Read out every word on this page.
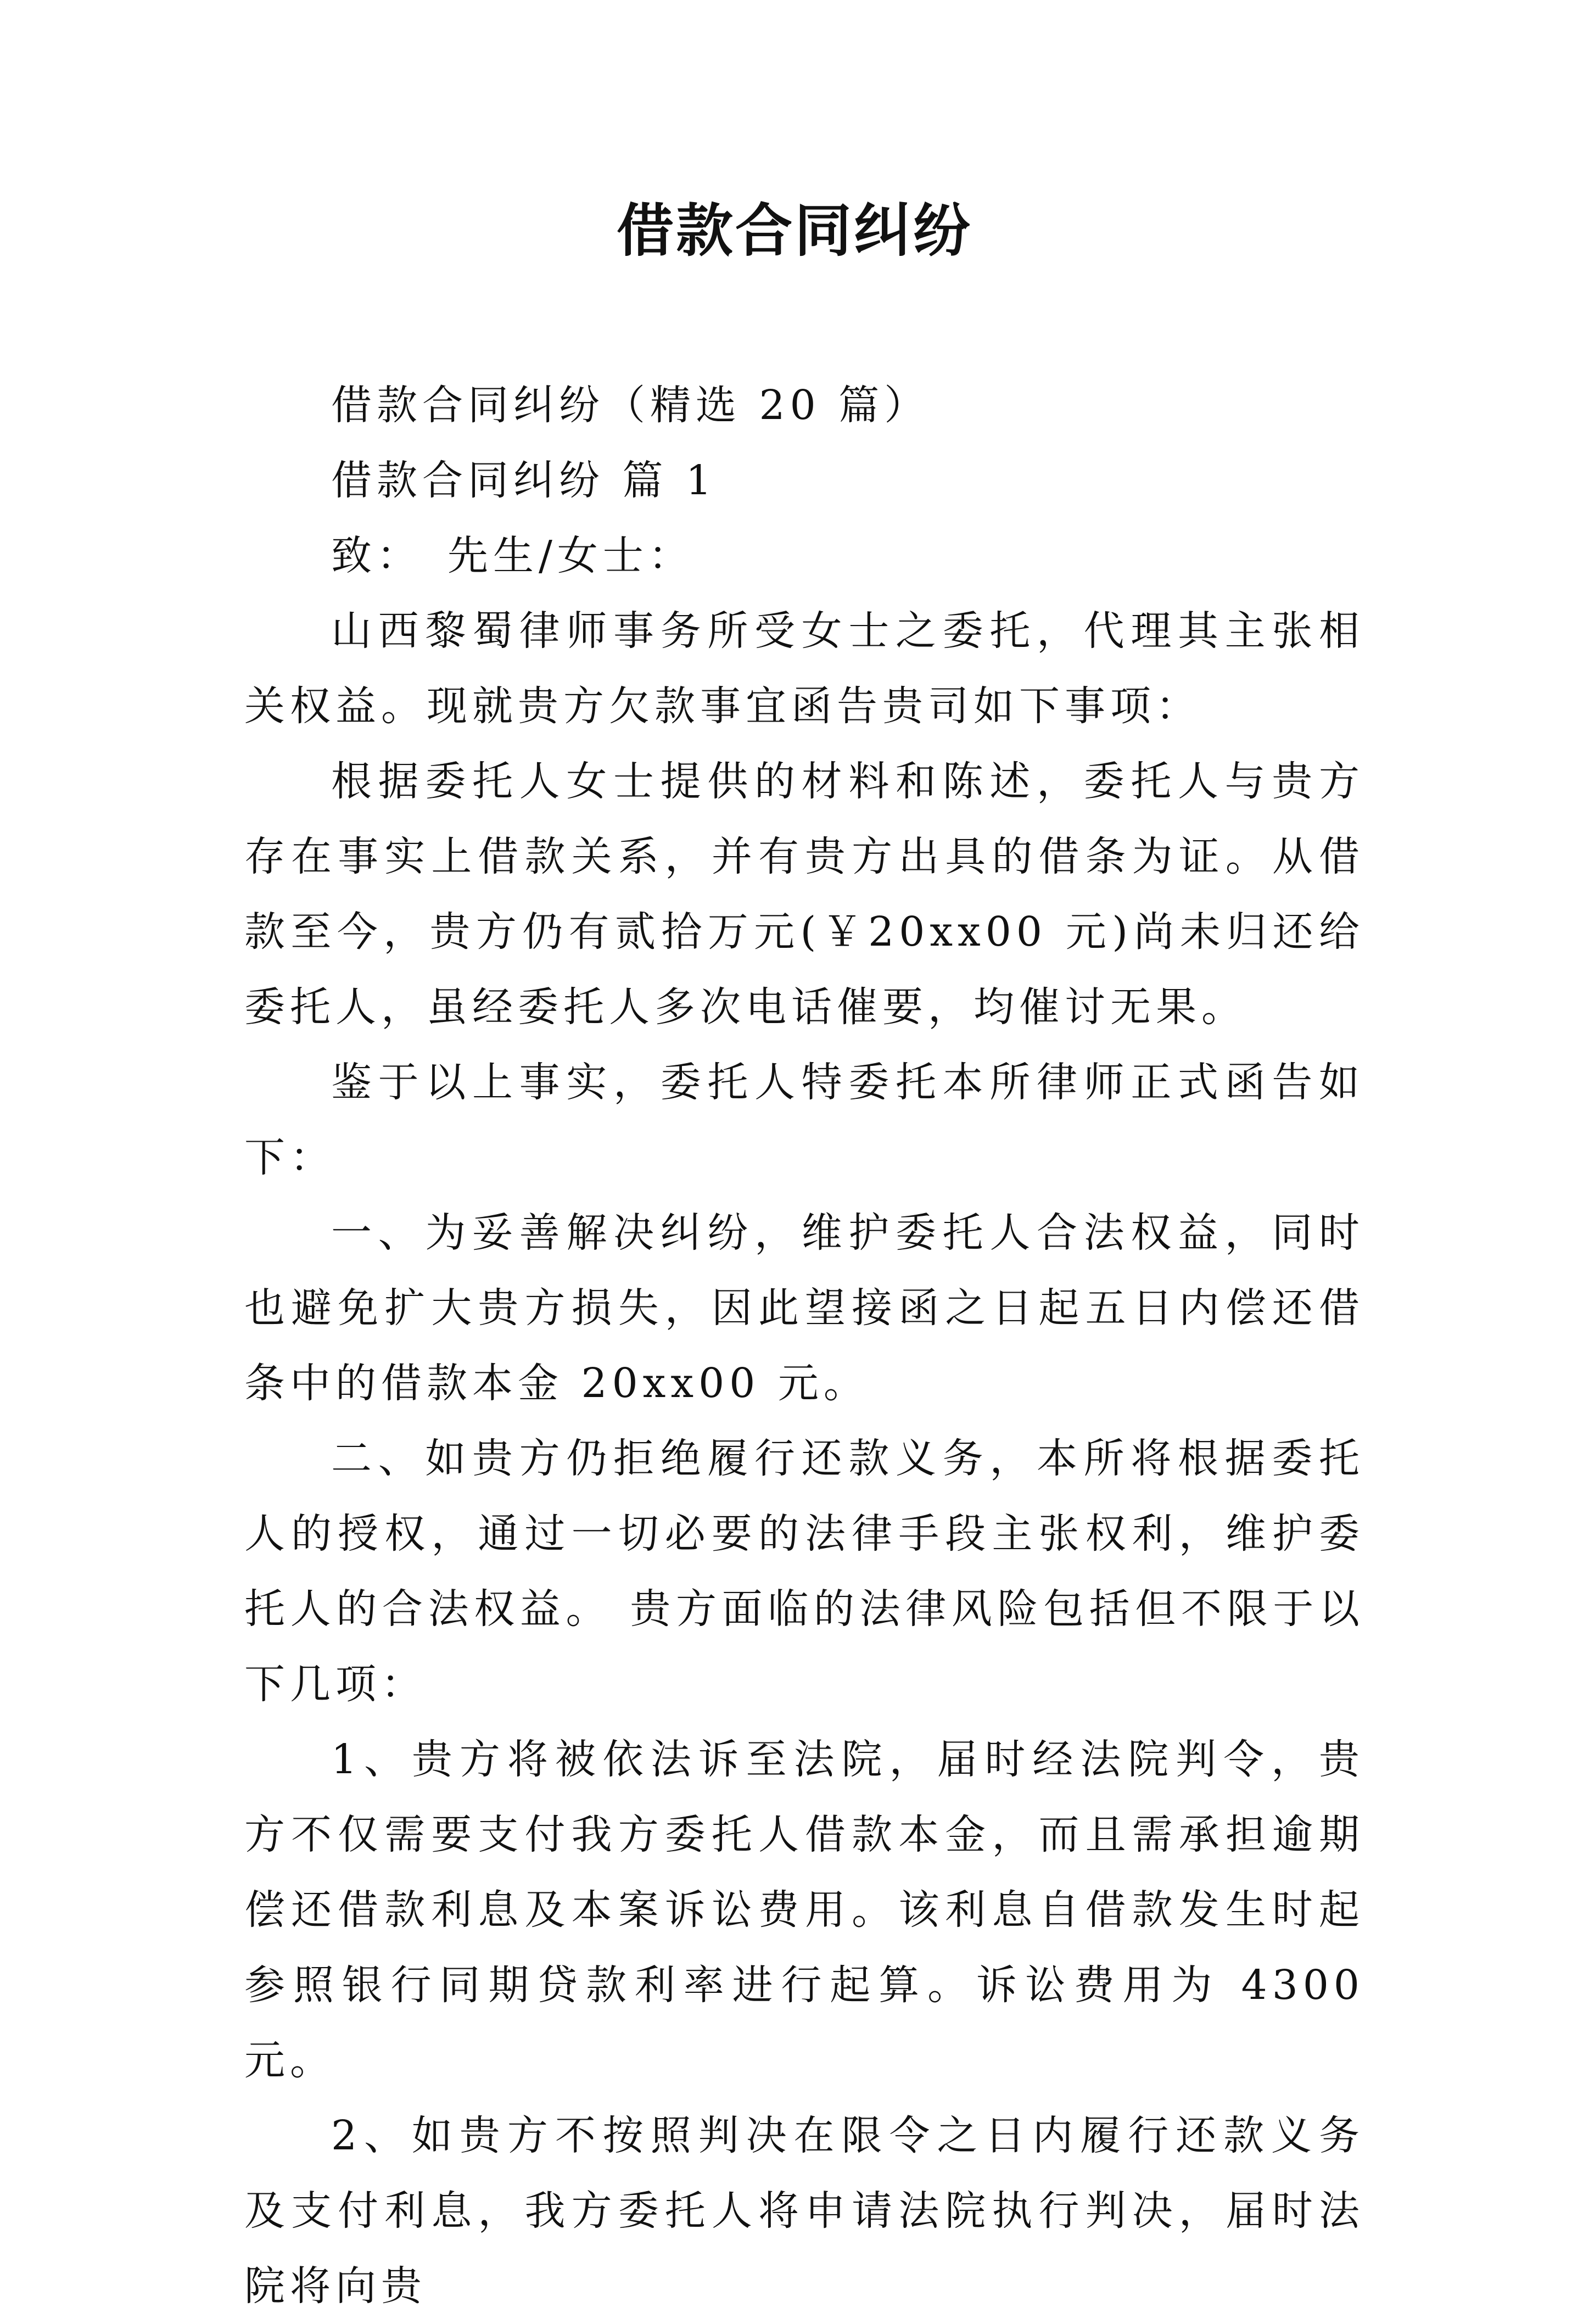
借款合同纠纷

借款合同纠纷（精选 20 篇）

借款合同纠纷 篇 1

致：　先生/女士：

山西黎蜀律师事务所受女士之委托，代理其主张相关权益。现就贵方欠款事宜函告贵司如下事项：

根据委托人女士提供的材料和陈述，委托人与贵方存在事实上借款关系，并有贵方出具的借条为证。从借款至今，贵方仍有贰拾万元(￥20xx00 元)尚未归还给委托人，虽经委托人多次电话催要，均催讨无果。

鉴于以上事实，委托人特委托本所律师正式函告如下：

一、为妥善解决纠纷，维护委托人合法权益，同时也避免扩大贵方损失，因此望接函之日起五日内偿还借条中的借款本金 20xx00 元。

二、如贵方仍拒绝履行还款义务，本所将根据委托人的授权，通过一切必要的法律手段主张权利，维护委托人的合法权益。 贵方面临的法律风险包括但不限于以下几项：

1、贵方将被依法诉至法院，届时经法院判令，贵方不仅需要支付我方委托人借款本金，而且需承担逾期偿还借款利息及本案诉讼费用。该利息自借款发生时起参照银行同期贷款利率进行起算。诉讼费用为 4300 元。

2、如贵方不按照判决在限令之日内履行还款义务及支付利息，我方委托人将申请法院执行判决，届时法院将向贵
